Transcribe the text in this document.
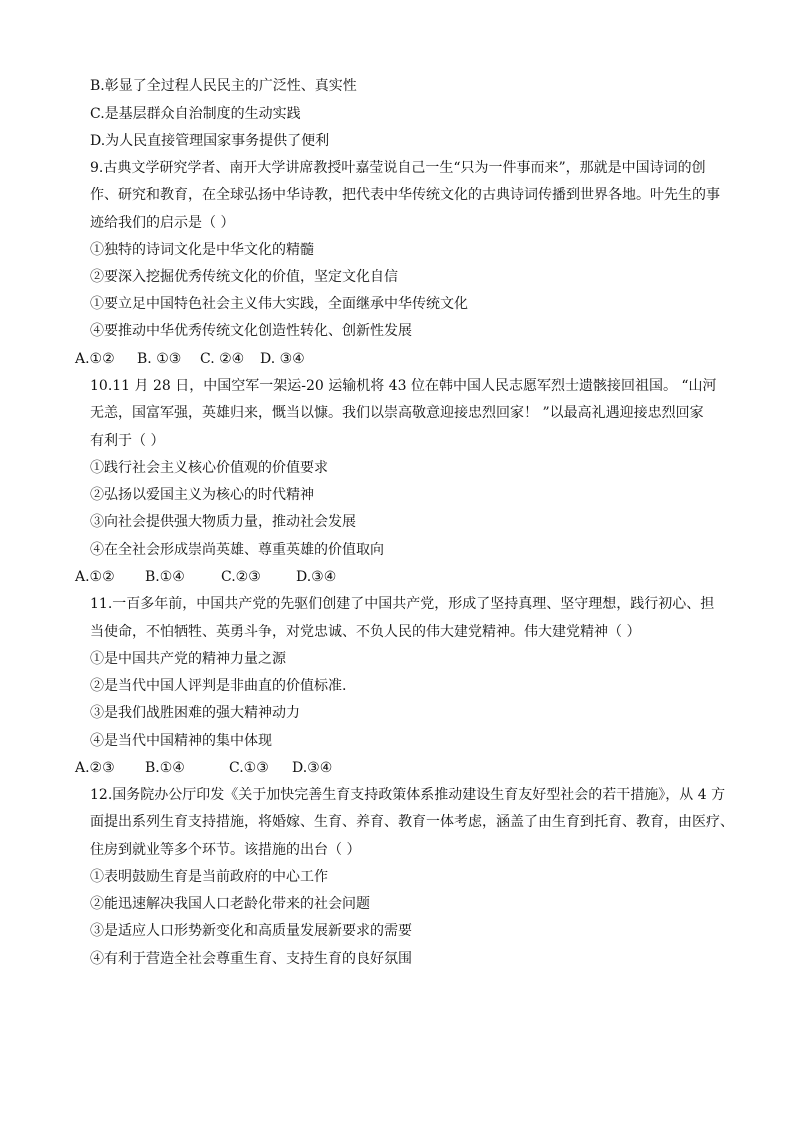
B.彰显了全过程人民民主的广泛性、真实性
C.是基层群众自治制度的生动实践
D.为人民直接管理国家事务提供了便利
9.古典文学研究学者、南开大学讲席教授叶嘉莹说自己一生“只为一件事而来”，那就是中国诗词的创
作、研究和教育，在全球弘扬中华诗教，把代表中华传统文化的古典诗词传播到世界各地。叶先生的事
迹给我们的启示是（ ）
①独特的诗词文化是中华文化的精髓
②要深入挖掘优秀传统文化的价值，坚定文化自信
①要立足中国特色社会主义伟大实践，全面继承中华传统文化
④要推动中华优秀传统文化创造性转化、创新性发展
A.①② B. ①③ C. ②④ D. ③④
10.11 月 28 日，中国空军一架运-20 运输机将 43 位在韩中国人民志愿军烈士遗骸接回祖国。 “山河
无恙，国富军强，英雄归来，慨当以慷。我们以崇高敬意迎接忠烈回家！ ”以最高礼遇迎接忠烈回家
有利于（ ）
①践行社会主义核心价值观的价值要求
②弘扬以爱国主义为核心的时代精神
③向社会提供强大物质力量，推动社会发展
④在全社会形成崇尚英雄、尊重英雄的价值取向
A.①② B.①④	C.②③	D.③④
11.一百多年前，中国共产党的先驱们创建了中国共产党，形成了坚持真理、坚守理想，践行初心、担
当使命，不怕牺牲、英勇斗争，对党忠诚、不负人民的伟大建党精神。伟大建党精神（ ）
①是中国共产党的精神力量之源
②是当代中国人评判是非曲直的价值标准.
③是我们战胜困难的强大精神动力
④是当代中国精神的集中体现
A.②③ B.①④	C.①③ D.③④
12.国务院办公厅印发《关于加快完善生育支持政策体系推动建设生育友好型社会的若干措施》，从 4 方
面提出系列生育支持措施，将婚嫁、生育、养育、教育一体考虑，涵盖了由生育到托育、教育，由医疗、
住房到就业等多个环节。该措施的出台（ ）
①表明鼓励生育是当前政府的中心工作
②能迅速解决我国人口老龄化带来的社会问题
③是适应人口形势新变化和高质量发展新要求的需要
④有利于营造全社会尊重生育、支持生育的良好氛围
